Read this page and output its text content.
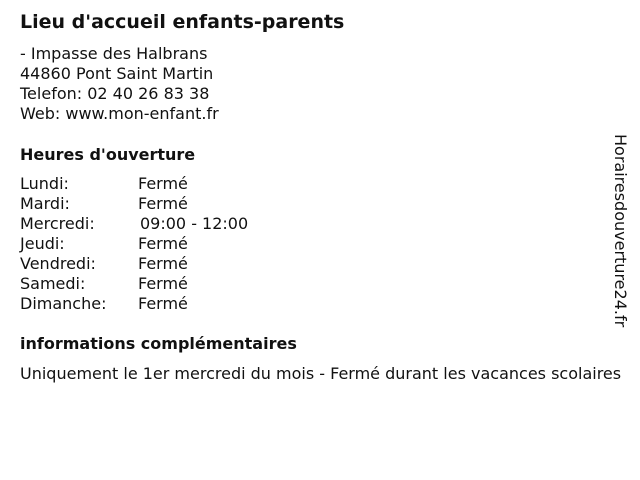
Lieu d'accueil enfants-parents
- Impasse des Halbrans
44860 Pont Saint Martin
Telefon: 02 40 26 83 38
Web: www.mon-enfant.fr
Heures d'ouverture
Lundi:	Fermé
Mardi:	Fermé
Mercredi:	09:00 - 12:00
Jeudi:	Fermé
Vendredi:	Fermé
Samedi:	Fermé
Dimanche:	Fermé
informations complémentaires
Uniquement le 1er mercredi du mois - Fermé durant les vacances scolaires
Horairesdouverture24.fr
